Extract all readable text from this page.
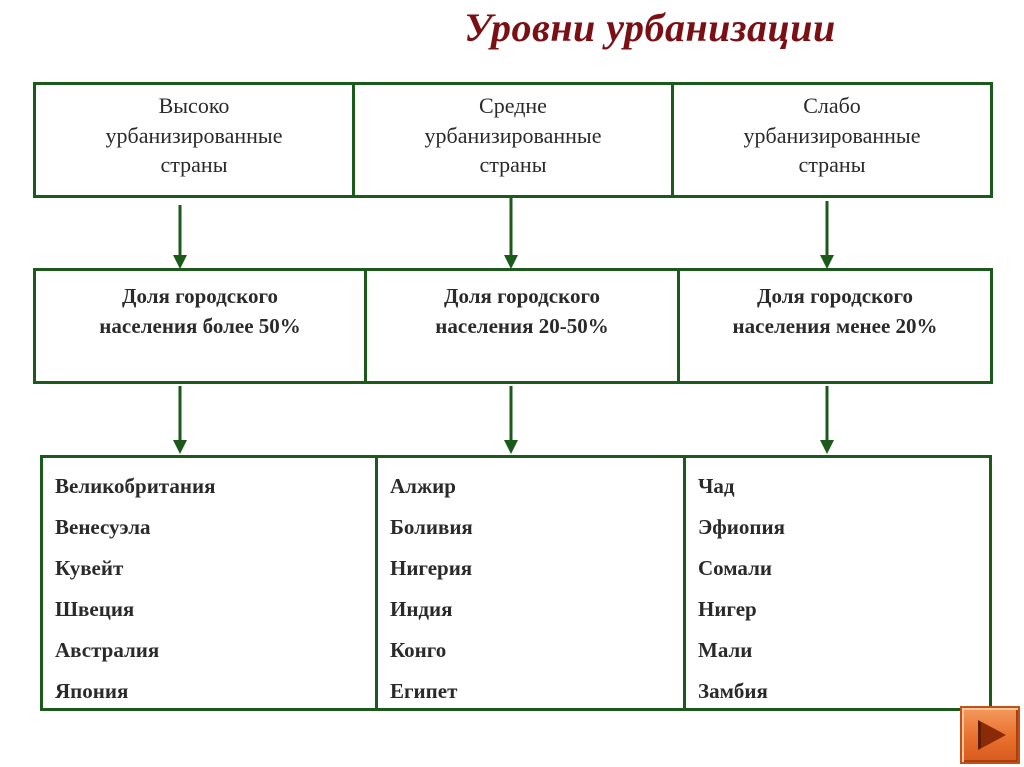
Уровни урбанизации
Высоко
урбанизированные
страны
Средне
урбанизированные
страны
Слабо
урбанизированные
страны
Доля городского
населения более 50%
Доля городского
населения 20-50%
Доля городского
населения менее 20%
Великобритания
Венесуэла
Кувейт
Швеция
Австралия
Япония
Алжир
Боливия
Нигерия
Индия
Конго
Египет
Чад
Эфиопия
Сомали
Нигер
Мали
Замбия
